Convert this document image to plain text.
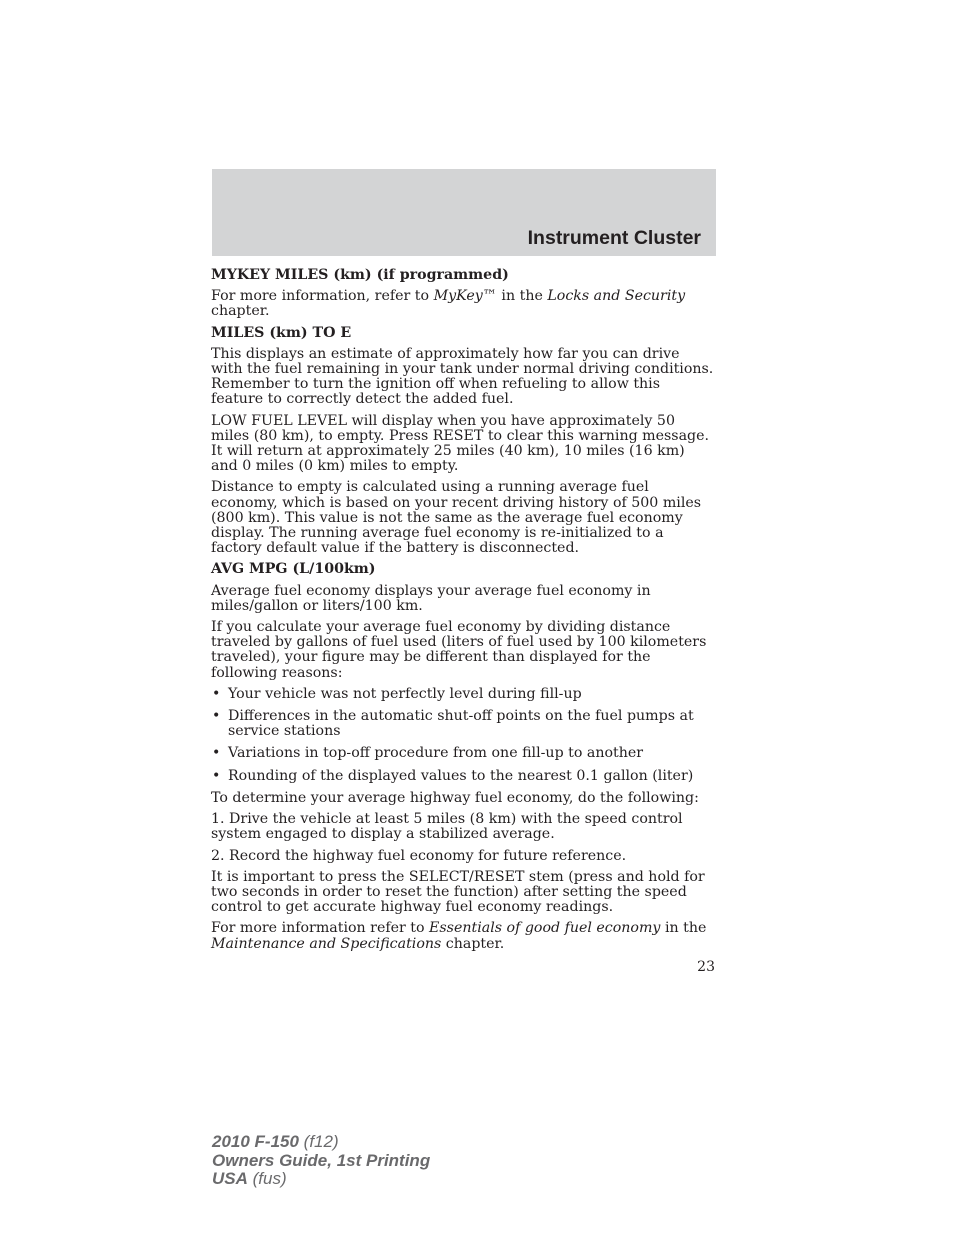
Instrument Cluster
MYKEY MILES (km) (if programmed)

For more information, refer to MyKey™ in the Locks and Security chapter.

MILES (km) TO E

This displays an estimate of approximately how far you can drive with the fuel remaining in your tank under normal driving conditions. Remember to turn the ignition off when refueling to allow this feature to correctly detect the added fuel.

LOW FUEL LEVEL will display when you have approximately 50 miles (80 km), to empty. Press RESET to clear this warning message. It will return at approximately 25 miles (40 km), 10 miles (16 km) and 0 miles (0 km) miles to empty.

Distance to empty is calculated using a running average fuel economy, which is based on your recent driving history of 500 miles (800 km). This value is not the same as the average fuel economy display. The running average fuel economy is re-initialized to a factory default value if the battery is disconnected.

AVG MPG (L/100km)

Average fuel economy displays your average fuel economy in miles/gallon or liters/100 km.

If you calculate your average fuel economy by dividing distance traveled by gallons of fuel used (liters of fuel used by 100 kilometers traveled), your figure may be different than displayed for the following reasons:

• Your vehicle was not perfectly level during fill-up
• Differences in the automatic shut-off points on the fuel pumps at service stations
• Variations in top-off procedure from one fill-up to another
• Rounding of the displayed values to the nearest 0.1 gallon (liter)

To determine your average highway fuel economy, do the following:

1. Drive the vehicle at least 5 miles (8 km) with the speed control system engaged to display a stabilized average.

2. Record the highway fuel economy for future reference.

It is important to press the SELECT/RESET stem (press and hold for two seconds in order to reset the function) after setting the speed control to get accurate highway fuel economy readings.

For more information refer to Essentials of good fuel economy in the Maintenance and Specifications chapter.

23
2010 F-150 (f12)
Owners Guide, 1st Printing
USA (fus)
